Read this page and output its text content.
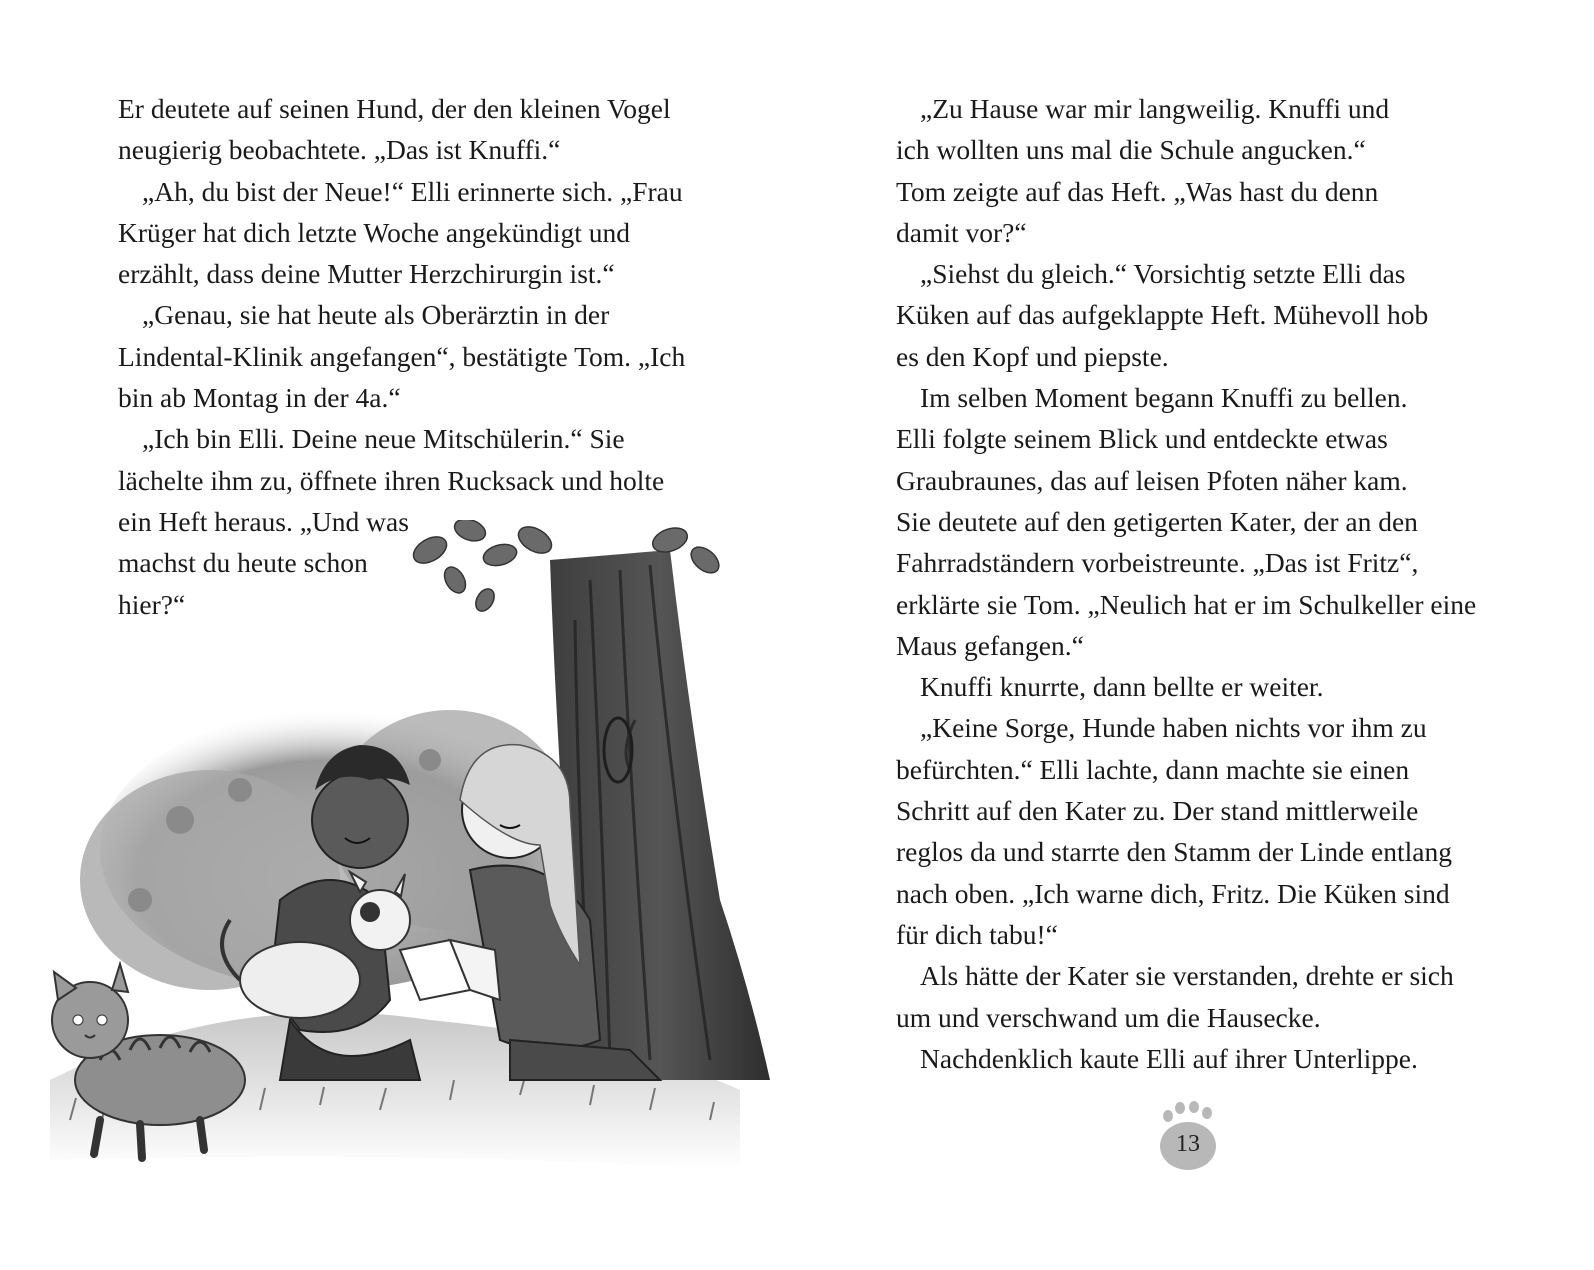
Er deutete auf seinen Hund, der den kleinen Vogel
neugierig beobachtete. „Das ist Knuffi.“
„Ah, du bist der Neue!“ Elli erinnerte sich. „Frau
Krüger hat dich letzte Woche angekündigt und
erzählt, dass deine Mutter Herzchirurgin ist.“
„Genau, sie hat heute als Oberärztin in der
Lindental-Klinik angefangen“, bestätigte Tom. „Ich
bin ab Montag in der 4a.“
„Ich bin Elli. Deine neue Mitschülerin.“ Sie
lächelte ihm zu, öffnete ihren Rucksack und holte
ein Heft heraus. „Und was
machst du heute schon
hier?“
„Zu Hause war mir langweilig. Knuffi und
ich wollten uns mal die Schule angucken.“
Tom zeigte auf das Heft. „Was hast du denn
damit vor?“
„Siehst du gleich.“ Vorsichtig setzte Elli das
Küken auf das aufgeklappte Heft. Mühevoll hob
es den Kopf und piepste.
Im selben Moment begann Knuffi zu bellen.
Elli folgte seinem Blick und entdeckte etwas
Graubraunes, das auf leisen Pfoten näher kam.
Sie deutete auf den getigerten Kater, der an den
Fahrradständern vorbeistreunte. „Das ist Fritz“,
erklärte sie Tom. „Neulich hat er im Schulkeller eine
Maus gefangen.“
Knuffi knurrte, dann bellte er weiter.
„Keine Sorge, Hunde haben nichts vor ihm zu
befürchten.“ Elli lachte, dann machte sie einen
Schritt auf den Kater zu. Der stand mittlerweile
reglos da und starrte den Stamm der Linde entlang
nach oben. „Ich warne dich, Fritz. Die Küken sind
für dich tabu!“
Als hätte der Kater sie verstanden, drehte er sich
um und verschwand um die Hausecke.
Nachdenklich kaute Elli auf ihrer Unterlippe.
13
